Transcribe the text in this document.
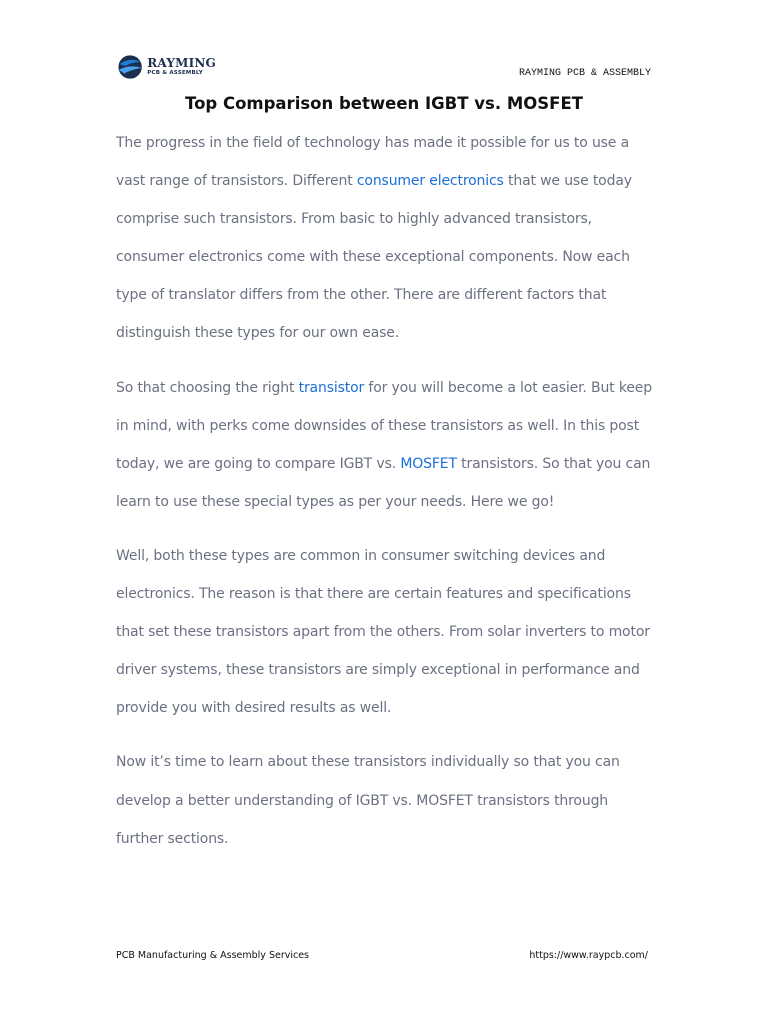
RAYMING
PCB & ASSEMBLY	RAYMING PCB & ASSEMBLY
Top Comparison between IGBT vs. MOSFET

The progress in the field of technology has made it possible for us to use a vast range of transistors. Different consumer electronics that we use today comprise such transistors. From basic to highly advanced transistors, consumer electronics come with these exceptional components. Now each type of translator differs from the other. There are different factors that distinguish these types for our own ease.

So that choosing the right transistor for you will become a lot easier. But keep in mind, with perks come downsides of these transistors as well. In this post today, we are going to compare IGBT vs. MOSFET transistors. So that you can learn to use these special types as per your needs. Here we go!

Well, both these types are common in consumer switching devices and electronics. The reason is that there are certain features and specifications that set these transistors apart from the others. From solar inverters to motor driver systems, these transistors are simply exceptional in performance and provide you with desired results as well.

Now it’s time to learn about these transistors individually so that you can develop a better understanding of IGBT vs. MOSFET transistors through further sections.

PCB Manufacturing & Assembly Services	https://www.raypcb.com/
